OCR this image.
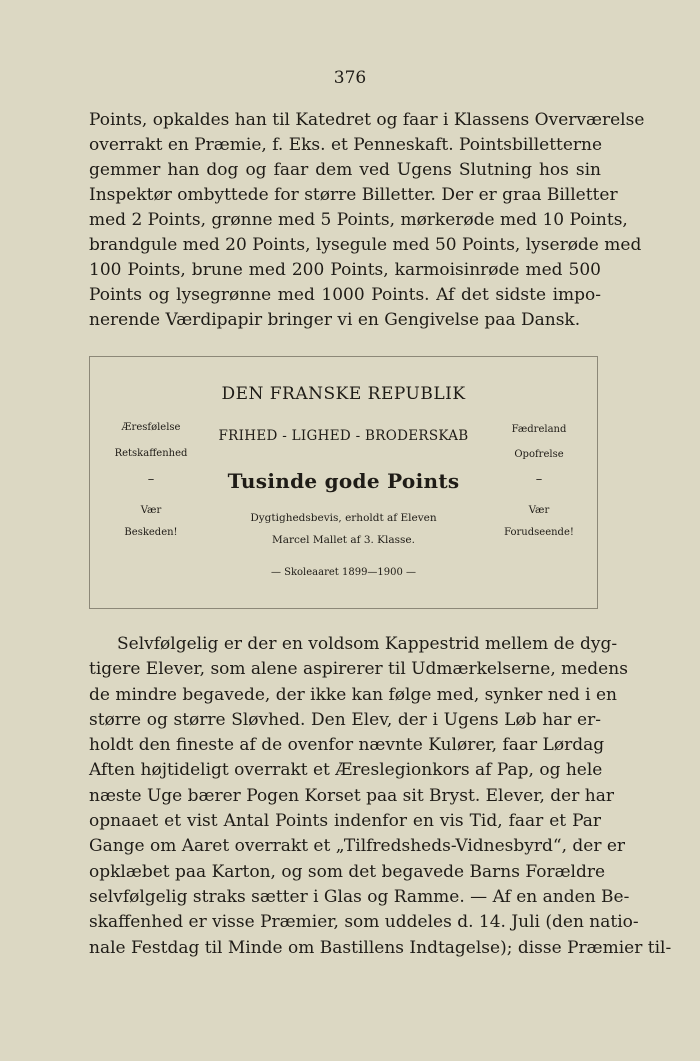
376

Points, opkaldes han til Katedret og faar i Klassens Overværelse
overrakt en Præmie, f. Eks. et Penneskaft. Pointsbilletterne
gemmer han dog og faar dem ved Ugens Slutning hos sin
Inspektør ombyttede for større Billetter. Der er graa Billetter
med 2 Points, grønne med 5 Points, mørkerøde med 10 Points,
brandgule med 20 Points, lysegule med 50 Points, lyserøde med
100 Points, brune med 200 Points, karmoisinrøde med 500
Points og lysegrønne med 1000 Points. Af det sidste impo-
nerende Værdipapir bringer vi en Gengivelse paa Dansk.

DEN FRANSKE REPUBLIK
FRIHED - LIGHED - BRODERSKAB
Tusinde gode Points
Dygtighedsbevis, erholdt af Eleven
Marcel Mallet af 3. Klasse.
— Skoleaaret 1899—1900 —
Æresfølelse
Retskaffenhed
–
Vær
Beskeden!
Fædreland
Opofrelse
–
Vær
Forudseende!

Selvfølgelig er der en voldsom Kappestrid mellem de dyg-
tigere Elever, som alene aspirerer til Udmærkelserne, medens
de mindre begavede, der ikke kan følge med, synker ned i en
større og større Sløvhed. Den Elev, der i Ugens Løb har er-
holdt den fineste af de ovenfor nævnte Kulører, faar Lørdag
Aften højtideligt overrakt et Æreslegionkors af Pap, og hele
næste Uge bærer Pogen Korset paa sit Bryst. Elever, der har
opnaaet et vist Antal Points indenfor en vis Tid, faar et Par
Gange om Aaret overrakt et „Tilfredsheds-Vidnesbyrd“, der er
opklæbet paa Karton, og som det begavede Barns Forældre
selvfølgelig straks sætter i Glas og Ramme. — Af en anden Be-
skaffenhed er visse Præmier, som uddeles d. 14. Juli (den natio-
nale Festdag til Minde om Bastillens Indtagelse); disse Præmier til-
